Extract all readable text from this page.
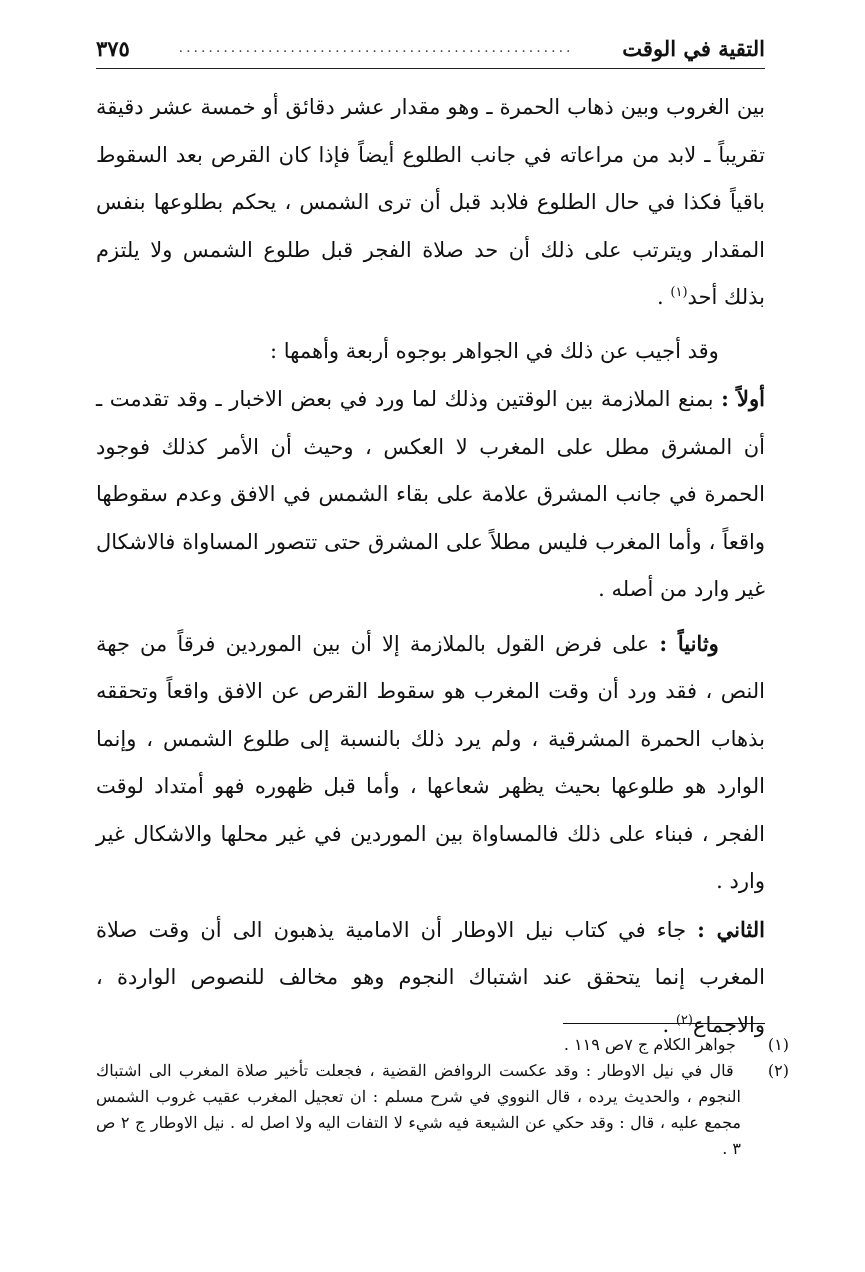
التقية في الوقت
.....................................................
٣٧٥

بين الغروب وبين ذهاب الحمرة ـ وهو مقدار عشر دقائق أو خمسة عشر دقيقة تقريباً ـ لابد من مراعاته في جانب الطلوع أيضاً فإذا كان القرص بعد السقوط باقياً فكذا في حال الطلوع فلابد قبل أن ترى الشمس ، يحكم بطلوعها بنفس المقدار ويترتب على ذلك أن حد صلاة الفجر قبل طلوع الشمس ولا يلتزم بذلك أحد$^{(١)}$ .

وقد أجيب عن ذلك في الجواهر بوجوه أربعة وأهمها :

أولاً : بمنع الملازمة بين الوقتين وذلك لما ورد في بعض الاخبار ـ وقد تقدمت ـ أن المشرق مطل على المغرب لا العكس ، وحيث أن الأمر كذلك فوجود الحمرة في جانب المشرق علامة على بقاء الشمس في الافق وعدم سقوطها واقعاً ، وأما المغرب فليس مطلاً على المشرق حتى تتصور المساواة فالاشكال غير وارد من أصله .

وثانياً : على فرض القول بالملازمة إلا أن بين الموردين فرقاً من جهة النص ، فقد ورد أن وقت المغرب هو سقوط القرص عن الافق واقعاً وتحققه بذهاب الحمرة المشرقية ، ولم يرد ذلك بالنسبة إلى طلوع الشمس ، وإنما الوارد هو طلوعها بحيث يظهر شعاعها ، وأما قبل ظهوره فهو أمتداد لوقت الفجر ، فبناء على ذلك فالمساواة بين الموردين في غير محلها والاشكال غير وارد .

الثاني : جاء في كتاب نيل الاوطار أن الامامية يذهبون الى أن وقت صلاة المغرب إنما يتحقق عند اشتباك النجوم وهو مخالف للنصوص الواردة ، والاجماع$^{(٢)}$ .

(١) جواهر الكلام ج ٧ص ١١٩ .

(٢) قال في نيل الاوطار : وقد عكست الروافض القضية ، فجعلت تأخير صلاة المغرب الى اشتباك النجوم ، والحديث يرده ، قال النووي في شرح مسلم : ان تعجيل المغرب عقيب غروب الشمس مجمع عليه ، قال : وقد حكي عن الشيعة فيه شيء لا التفات اليه ولا اصل له . نيل الاوطار ج ٢ ص ٣ .
